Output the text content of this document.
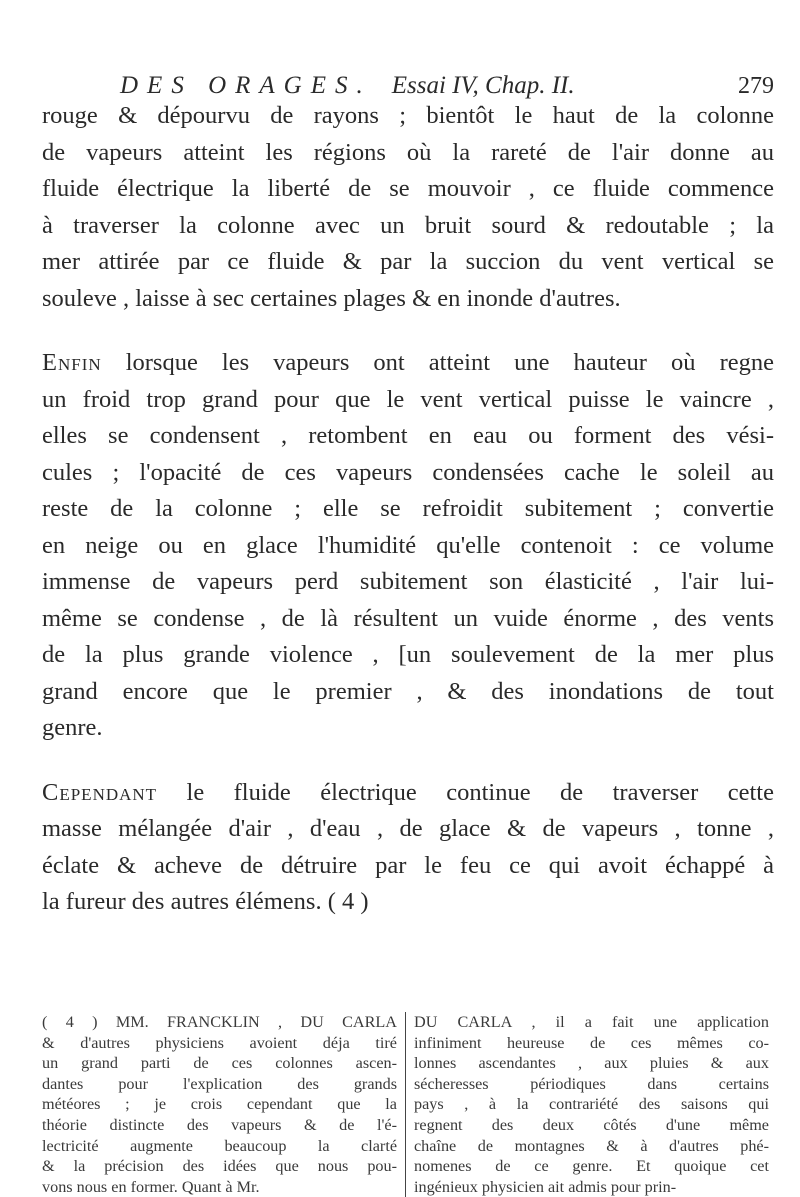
DES ORAGES. Essai IV, Chap. II.	279

rouge & dépourvu de rayons ; bientôt le haut de la colonne
de vapeurs atteint les régions où la rareté de l'air donne au
fluide électrique la liberté de se mouvoir , ce fluide commence
à traverser la colonne avec un bruit sourd & redoutable ; la
mer attirée par ce fluide & par la succion du vent vertical se
souleve , laisse à sec certaines plages & en inonde d'autres.

Enfin lorsque les vapeurs ont atteint une hauteur où regne
un froid trop grand pour que le vent vertical puisse le vaincre ,
elles se condensent , retombent en eau ou forment des vési-
cules ; l'opacité de ces vapeurs condensées cache le soleil au
reste de la colonne ; elle se refroidit subitement ; convertie
en neige ou en glace l'humidité qu'elle contenoit : ce volume
immense de vapeurs perd subitement son élasticité , l'air lui-
même se condense , de là résultent un vuide énorme , des vents
de la plus grande violence , [un soulevement de la mer plus
grand encore que le premier , & des inondations de tout
genre.

Cependant le fluide électrique continue de traverser cette
masse mélangée d'air , d'eau , de glace & de vapeurs , tonne ,
éclate & acheve de détruire par le feu ce qui avoit échappé à
la fureur des autres élémens. ( 4 )

( 4 ) MM. FRANCKLIN , DU CARLA
& d'autres physiciens avoient déja tiré
un grand parti de ces colonnes ascen-
dantes pour l'explication des grands
météores ; je crois cependant que la
théorie distincte des vapeurs & de l'é-
lectricité augmente beaucoup la clarté
& la précision des idées que nous pou-
vons nous en former. Quant à Mr.
DU CARLA , il a fait une application
infiniment heureuse de ces mêmes co-
lonnes ascendantes , aux pluies & aux
sécheresses périodiques dans certains
pays , à la contrariété des saisons qui
regnent des deux côtés d'une même
chaîne de montagnes & à d'autres phé-
nomenes de ce genre. Et quoique cet
ingénieux physicien ait admis pour prin-
